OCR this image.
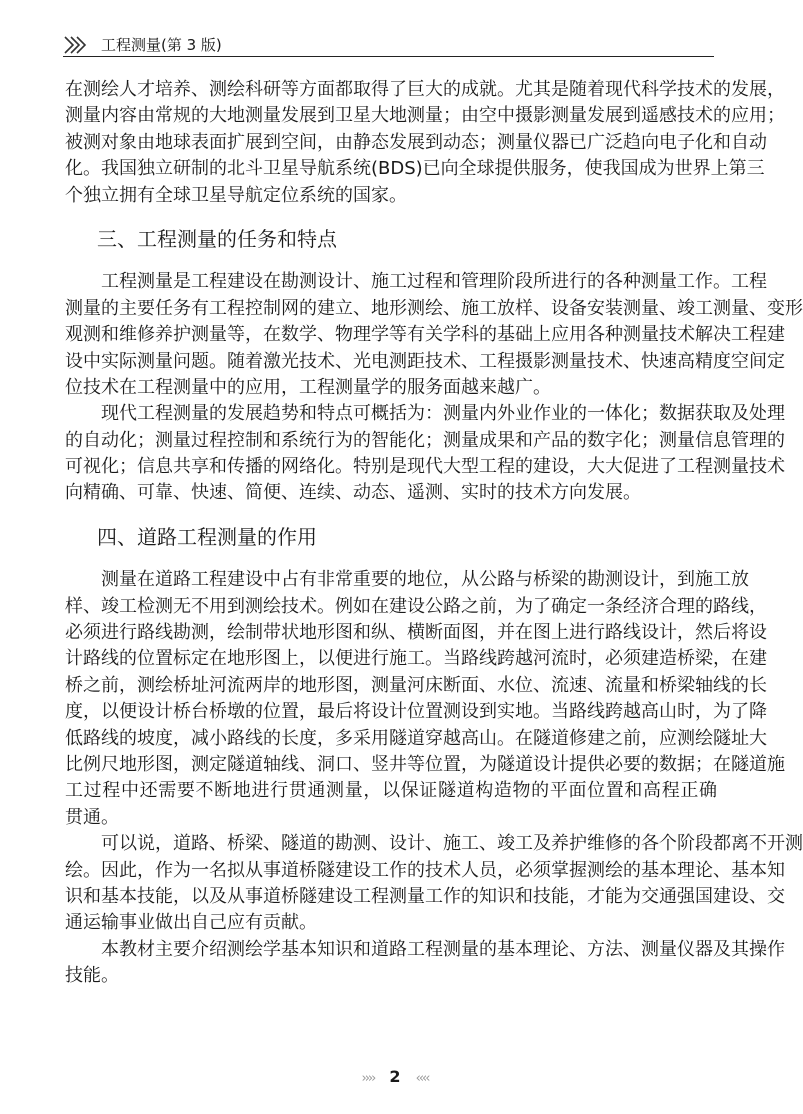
工程测量(第 3 版)
在测绘人才培养、测绘科研等方面都取得了巨大的成就。尤其是随着现代科学技术的发展，
测量内容由常规的大地测量发展到卫星大地测量；由空中摄影测量发展到遥感技术的应用；
被测对象由地球表面扩展到空间，由静态发展到动态；测量仪器已广泛趋向电子化和自动
化。我国独立研制的北斗卫星导航系统(BDS)已向全球提供服务，使我国成为世界上第三
个独立拥有全球卫星导航定位系统的国家。
三、工程测量的任务和特点
工程测量是工程建设在勘测设计、施工过程和管理阶段所进行的各种测量工作。工程
测量的主要任务有工程控制网的建立、地形测绘、施工放样、设备安装测量、竣工测量、变形
观测和维修养护测量等，在数学、物理学等有关学科的基础上应用各种测量技术解决工程建
设中实际测量问题。随着激光技术、光电测距技术、工程摄影测量技术、快速高精度空间定
位技术在工程测量中的应用，工程测量学的服务面越来越广。
现代工程测量的发展趋势和特点可概括为：测量内外业作业的一体化；数据获取及处理
的自动化；测量过程控制和系统行为的智能化；测量成果和产品的数字化；测量信息管理的
可视化；信息共享和传播的网络化。特别是现代大型工程的建设，大大促进了工程测量技术
向精确、可靠、快速、简便、连续、动态、遥测、实时的技术方向发展。
四、道路工程测量的作用
测量在道路工程建设中占有非常重要的地位，从公路与桥梁的勘测设计，到施工放
样、竣工检测无不用到测绘技术。例如在建设公路之前，为了确定一条经济合理的路线，
必须进行路线勘测，绘制带状地形图和纵、横断面图，并在图上进行路线设计，然后将设
计路线的位置标定在地形图上，以便进行施工。当路线跨越河流时，必须建造桥梁，在建
桥之前，测绘桥址河流两岸的地形图，测量河床断面、水位、流速、流量和桥梁轴线的长
度，以便设计桥台桥墩的位置，最后将设计位置测设到实地。当路线跨越高山时，为了降
低路线的坡度，减小路线的长度，多采用隧道穿越高山。在隧道修建之前，应测绘隧址大
比例尺地形图，测定隧道轴线、洞口、竖井等位置，为隧道设计提供必要的数据；在隧道施
工过程中还需要不断地进行贯通测量，以保证隧道构造物的平面位置和高程正确
贯通。
可以说，道路、桥梁、隧道的勘测、设计、施工、竣工及养护维修的各个阶段都离不开测
绘。因此，作为一名拟从事道桥隧建设工作的技术人员，必须掌握测绘的基本理论、基本知
识和基本技能，以及从事道桥隧建设工程测量工作的知识和技能，才能为交通强国建设、交
通运输事业做出自己应有贡献。
本教材主要介绍测绘学基本知识和道路工程测量的基本理论、方法、测量仪器及其操作
技能。
›››› 2 ‹‹‹‹
